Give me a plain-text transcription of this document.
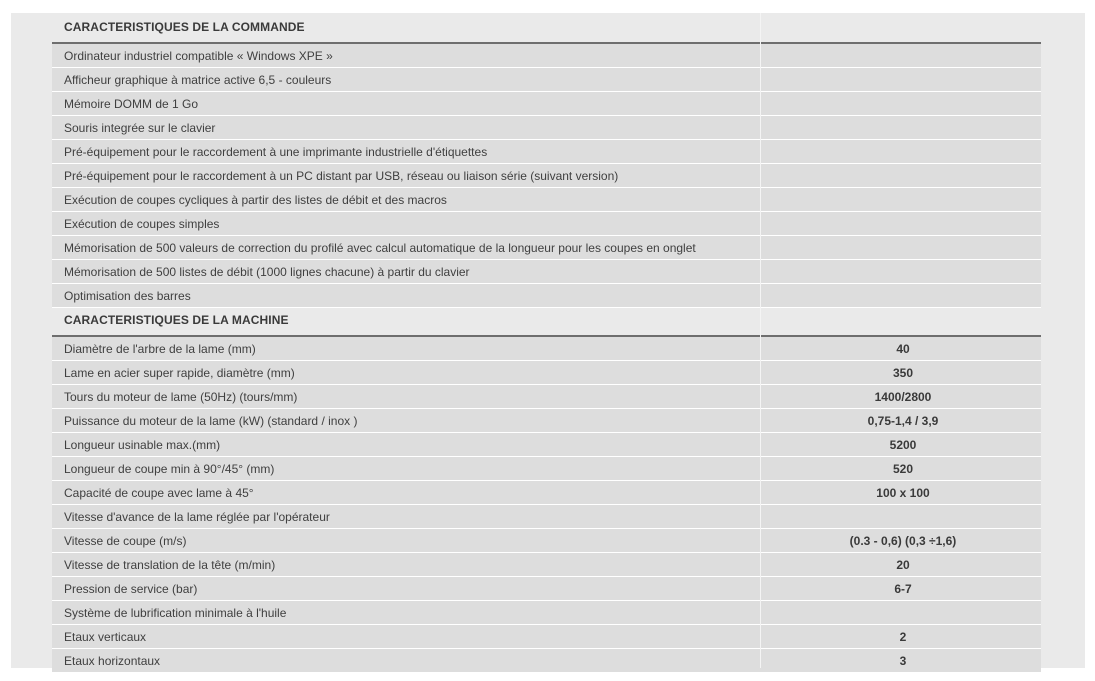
CARACTERISTIQUES DE LA COMMANDE
Ordinateur industriel compatible « Windows XPE »
Afficheur graphique à matrice active 6,5 - couleurs
Mémoire DOMM de 1 Go
Souris integrée sur le clavier
Pré-équipement pour le raccordement à une imprimante industrielle d'étiquettes
Pré-équipement pour le raccordement à un PC distant par USB, réseau ou liaison série (suivant version)
Exécution de coupes cycliques à partir des listes de débit et des macros
Exécution de coupes simples
Mémorisation de 500 valeurs de correction du profilé avec calcul automatique de la longueur pour les coupes en onglet
Mémorisation de 500 listes de débit (1000 lignes chacune) à partir du clavier
Optimisation des barres
CARACTERISTIQUES DE LA MACHINE
Diamètre de l'arbre de la lame (mm)	40
Lame en acier super rapide, diamètre (mm)	350
Tours du moteur de lame (50Hz) (tours/mm)	1400/2800
Puissance du moteur de la lame (kW) (standard / inox )	0,75-1,4 / 3,9
Longueur usinable max.(mm)	5200
Longueur de coupe min à 90°/45° (mm)	520
Capacité de coupe avec lame à 45°	100 x 100
Vitesse d'avance de la lame réglée par l'opérateur
Vitesse de coupe (m/s)	(0.3 - 0,6) (0,3 ÷1,6)
Vitesse de translation de la tête (m/min)	20
Pression de service (bar)	6-7
Système de lubrification minimale à l'huile
Etaux verticaux	2
Etaux horizontaux	3
